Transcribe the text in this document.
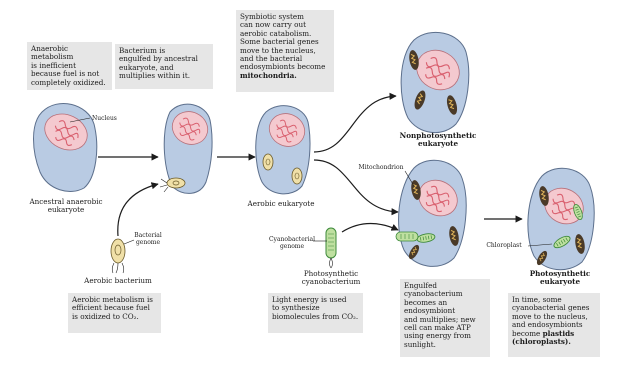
Anaerobic
metabolism
is inefficient
because fuel is not
completely oxidized.
Bacterium is
engulfed by ancestral
eukaryote, and
multiplies within it.
Symbiotic system
can now carry out
aerobic catabolism.
Some bacterial genes
move to the nucleus,
and the bacterial
endosymbionts become
mitochondria.
Aerobic metabolism is
efficient because fuel
is oxidized to CO₂.
Light energy is used
to synthesize
biomolecules from CO₂.
Engulfed
cyanobacterium
becomes an
endosymbiont
and multiplies; new
cell can make ATP
using energy from
sunlight.
In time, some
cyanobacterial genes
move to the nucleus,
and endosymbionts
become plastids
(chloroplasts).
Nucleus
Ancestral anaerobic
eukaryote
Bacterial
genome
Aerobic bacterium
Aerobic eukaryote
Nonphotosynthetic
eukaryote
Mitochondrion
Cyanobacterial
genome
Photosynthetic
cyanobacterium
Chloroplast
Photosynthetic
eukaryote
